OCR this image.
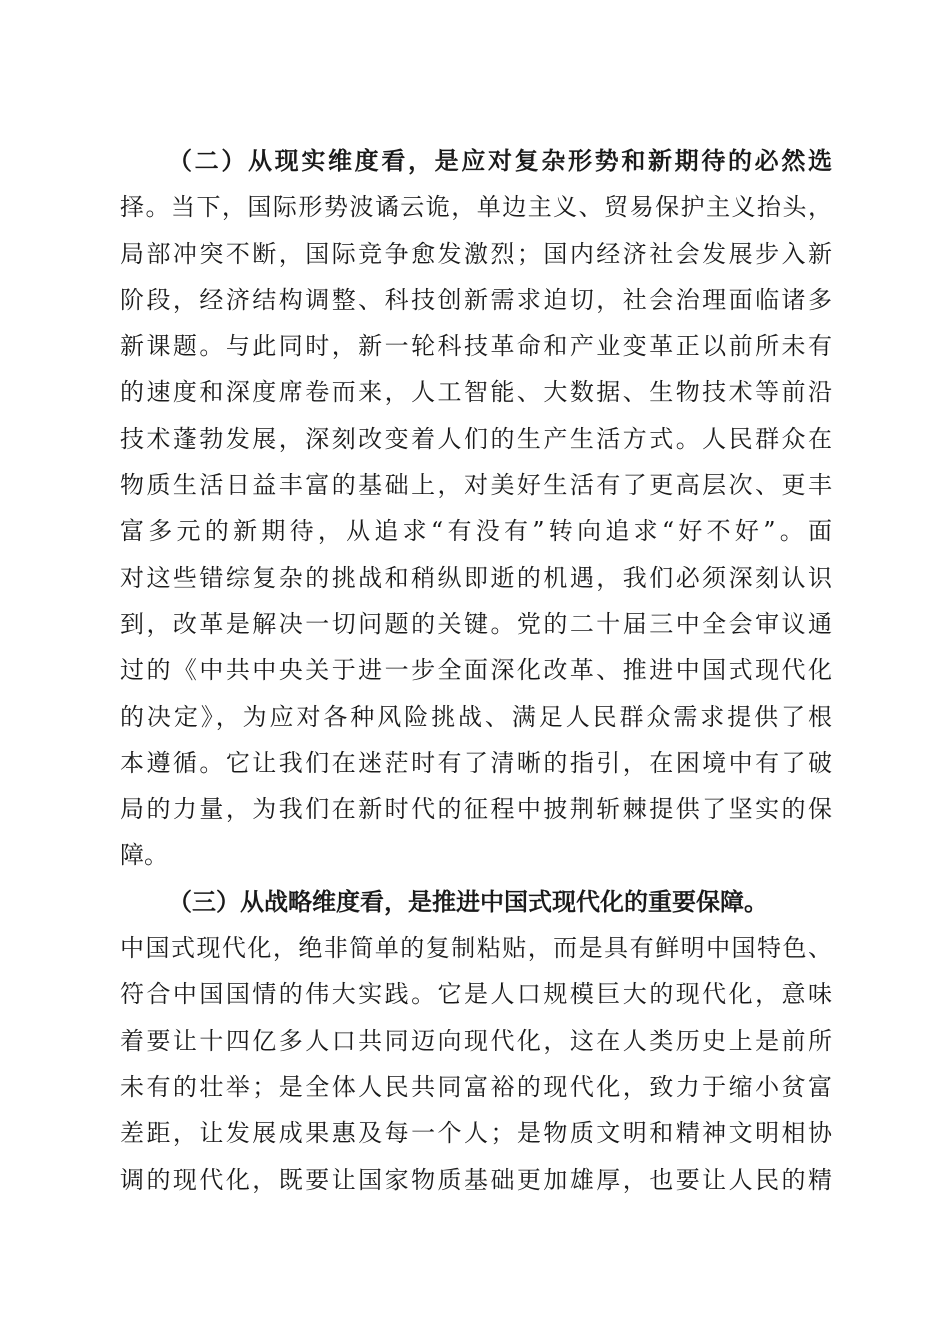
（二）从现实维度看，是应对复杂形势和新期待的必然选
择。当下，国际形势波谲云诡，单边主义、贸易保护主义抬头，
局部冲突不断，国际竞争愈发激烈；国内经济社会发展步入新
阶段，经济结构调整、科技创新需求迫切，社会治理面临诸多
新课题。与此同时，新一轮科技革命和产业变革正以前所未有
的速度和深度席卷而来，人工智能、大数据、生物技术等前沿
技术蓬勃发展，深刻改变着人们的生产生活方式。人民群众在
物质生活日益丰富的基础上，对美好生活有了更高层次、更丰
富多元的新期待，从追求“有没有”转向追求“好不好”。面
对这些错综复杂的挑战和稍纵即逝的机遇，我们必须深刻认识
到，改革是解决一切问题的关键。党的二十届三中全会审议通
过的《中共中央关于进一步全面深化改革、推进中国式现代化
的决定》，为应对各种风险挑战、满足人民群众需求提供了根
本遵循。它让我们在迷茫时有了清晰的指引，在困境中有了破
局的力量，为我们在新时代的征程中披荆斩棘提供了坚实的保
障。
（三）从战略维度看，是推进中国式现代化的重要保障。
中国式现代化，绝非简单的复制粘贴，而是具有鲜明中国特色、
符合中国国情的伟大实践。它是人口规模巨大的现代化，意味
着要让十四亿多人口共同迈向现代化，这在人类历史上是前所
未有的壮举；是全体人民共同富裕的现代化，致力于缩小贫富
差距，让发展成果惠及每一个人；是物质文明和精神文明相协
调的现代化，既要让国家物质基础更加雄厚，也要让人民的精
